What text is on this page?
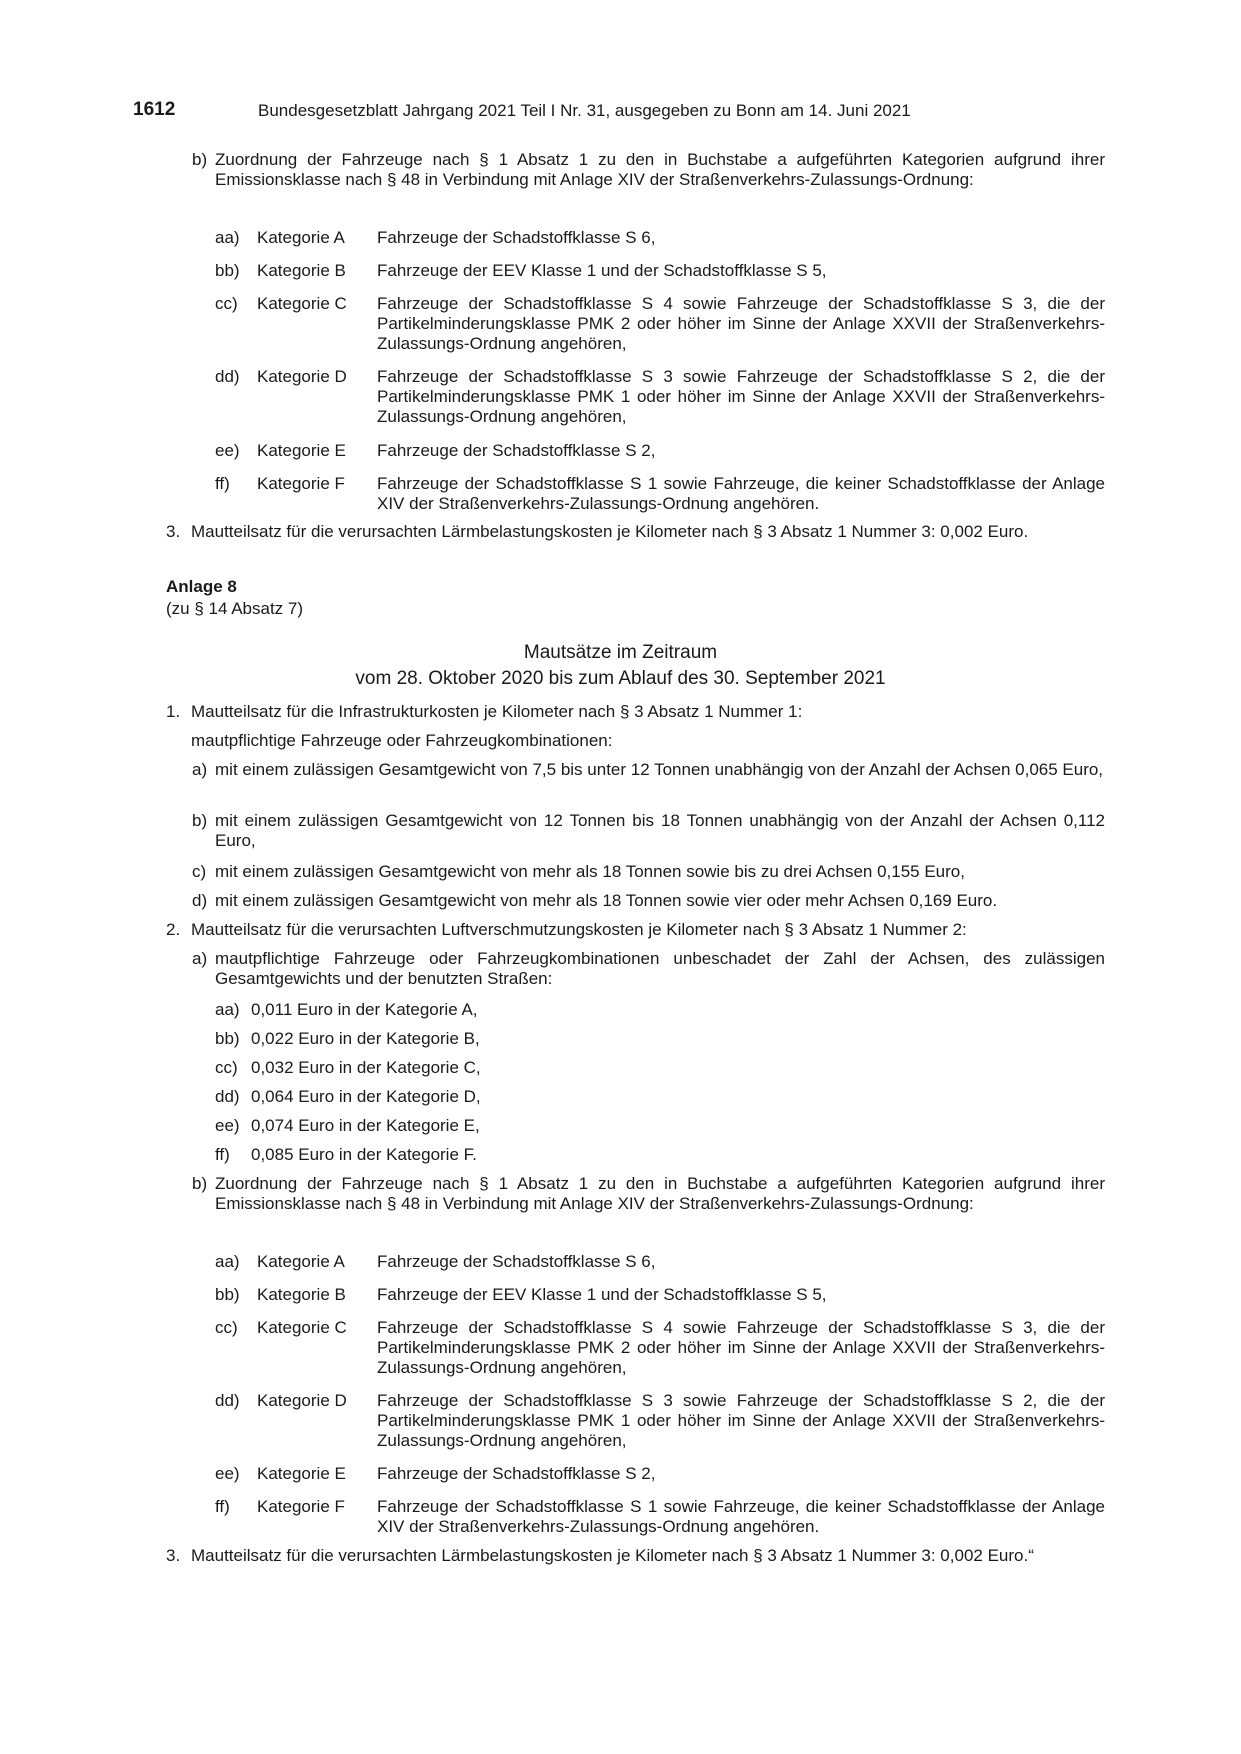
1612	Bundesgesetzblatt Jahrgang 2021 Teil I Nr. 31, ausgegeben zu Bonn am 14. Juni 2021
b) Zuordnung der Fahrzeuge nach § 1 Absatz 1 zu den in Buchstabe a aufgeführten Kategorien aufgrund ihrer Emissionsklasse nach § 48 in Verbindung mit Anlage XIV der Straßenverkehrs-Zulassungs-Ordnung:
aa) Kategorie A Fahrzeuge der Schadstoffklasse S 6,
bb) Kategorie B Fahrzeuge der EEV Klasse 1 und der Schadstoffklasse S 5,
cc) Kategorie C Fahrzeuge der Schadstoffklasse S 4 sowie Fahrzeuge der Schadstoffklasse S 3, die der Partikelminderungsklasse PMK 2 oder höher im Sinne der Anlage XXVII der Straßenverkehrs-Zulassungs-Ordnung angehören,
dd) Kategorie D Fahrzeuge der Schadstoffklasse S 3 sowie Fahrzeuge der Schadstoffklasse S 2, die der Partikelminderungsklasse PMK 1 oder höher im Sinne der Anlage XXVII der Straßenverkehrs-Zulassungs-Ordnung angehören,
ee) Kategorie E Fahrzeuge der Schadstoffklasse S 2,
ff) Kategorie F Fahrzeuge der Schadstoffklasse S 1 sowie Fahrzeuge, die keiner Schadstoffklasse der Anlage XIV der Straßenverkehrs-Zulassungs-Ordnung angehören.
3. Mautteilsatz für die verursachten Lärmbelastungskosten je Kilometer nach § 3 Absatz 1 Nummer 3: 0,002 Euro.
Anlage 8
(zu § 14 Absatz 7)
Mautsätze im Zeitraum
vom 28. Oktober 2020 bis zum Ablauf des 30. September 2021
1. Mautteilsatz für die Infrastrukturkosten je Kilometer nach § 3 Absatz 1 Nummer 1:
mautpflichtige Fahrzeuge oder Fahrzeugkombinationen:
a) mit einem zulässigen Gesamtgewicht von 7,5 bis unter 12 Tonnen unabhängig von der Anzahl der Achsen 0,065 Euro,
b) mit einem zulässigen Gesamtgewicht von 12 Tonnen bis 18 Tonnen unabhängig von der Anzahl der Achsen 0,112 Euro,
c) mit einem zulässigen Gesamtgewicht von mehr als 18 Tonnen sowie bis zu drei Achsen 0,155 Euro,
d) mit einem zulässigen Gesamtgewicht von mehr als 18 Tonnen sowie vier oder mehr Achsen 0,169 Euro.
2. Mautteilsatz für die verursachten Luftverschmutzungskosten je Kilometer nach § 3 Absatz 1 Nummer 2:
a) mautpflichtige Fahrzeuge oder Fahrzeugkombinationen unbeschadet der Zahl der Achsen, des zulässigen Gesamtgewichts und der benutzten Straßen:
aa) 0,011 Euro in der Kategorie A,
bb) 0,022 Euro in der Kategorie B,
cc) 0,032 Euro in der Kategorie C,
dd) 0,064 Euro in der Kategorie D,
ee) 0,074 Euro in der Kategorie E,
ff) 0,085 Euro in der Kategorie F.
b) Zuordnung der Fahrzeuge nach § 1 Absatz 1 zu den in Buchstabe a aufgeführten Kategorien aufgrund ihrer Emissionsklasse nach § 48 in Verbindung mit Anlage XIV der Straßenverkehrs-Zulassungs-Ordnung:
aa) Kategorie A Fahrzeuge der Schadstoffklasse S 6,
bb) Kategorie B Fahrzeuge der EEV Klasse 1 und der Schadstoffklasse S 5,
cc) Kategorie C Fahrzeuge der Schadstoffklasse S 4 sowie Fahrzeuge der Schadstoffklasse S 3, die der Partikelminderungsklasse PMK 2 oder höher im Sinne der Anlage XXVII der Straßenverkehrs-Zulassungs-Ordnung angehören,
dd) Kategorie D Fahrzeuge der Schadstoffklasse S 3 sowie Fahrzeuge der Schadstoffklasse S 2, die der Partikelminderungsklasse PMK 1 oder höher im Sinne der Anlage XXVII der Straßenverkehrs-Zulassungs-Ordnung angehören,
ee) Kategorie E Fahrzeuge der Schadstoffklasse S 2,
ff) Kategorie F Fahrzeuge der Schadstoffklasse S 1 sowie Fahrzeuge, die keiner Schadstoffklasse der Anlage XIV der Straßenverkehrs-Zulassungs-Ordnung angehören.
3. Mautteilsatz für die verursachten Lärmbelastungskosten je Kilometer nach § 3 Absatz 1 Nummer 3: 0,002 Euro.“
